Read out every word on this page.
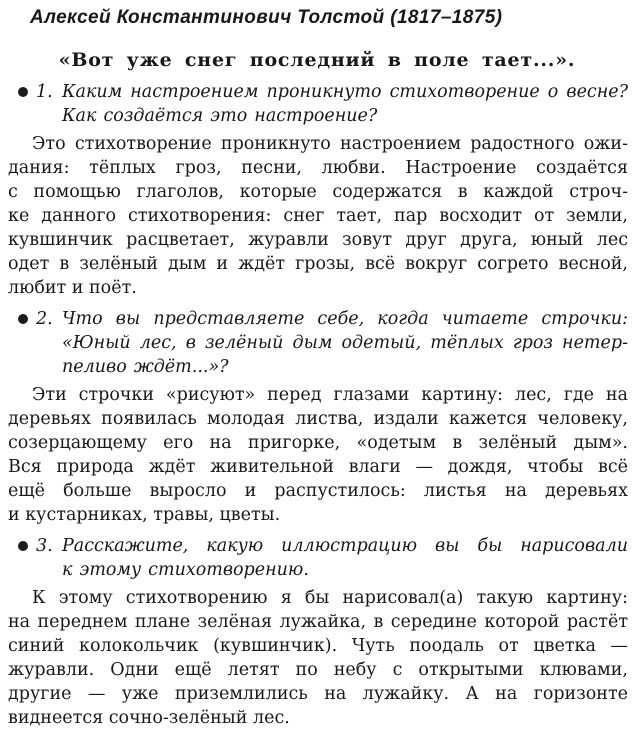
Алексей Константинович Толстой (1817–1875)
«Вот уже снег последний в поле тает...».
1. Каким настроением проникнуто стихотворение о весне?
Как создаётся это настроение?
Это стихотворение проникнуто настроением радостного ожи-
дания: тёплых гроз, песни, любви. Настроение создаётся
с помощью глаголов, которые содержатся в каждой строч-
ке данного стихотворения: снег тает, пар восходит от земли,
кувшинчик расцветает, журавли зовут друг друга, юный лес
одет в зелёный дым и ждёт грозы, всё вокруг согрето весной,
любит и поёт.
2. Что вы представляете себе, когда читаете строчки:
«Юный лес, в зелёный дым одетый, тёплых гроз нетер-
пеливо ждёт...»?
Эти строчки «рисуют» перед глазами картину: лес, где на
деревьях появилась молодая листва, издали кажется человеку,
созерцающему его на пригорке, «одетым в зелёный дым».
Вся природа ждёт живительной влаги — дождя, чтобы всё
ещё больше выросло и распустилось: листья на деревьях
и кустарниках, травы, цветы.
3. Расскажите, какую иллюстрацию вы бы нарисовали
к этому стихотворению.
К этому стихотворению я бы нарисовал(а) такую картину:
на переднем плане зелёная лужайка, в середине которой растёт
синий колокольчик (кувшинчик). Чуть поодаль от цветка —
журавли. Одни ещё летят по небу с открытыми клювами,
другие — уже приземлились на лужайку. А на горизонте
виднеется сочно-зелёный лес.
